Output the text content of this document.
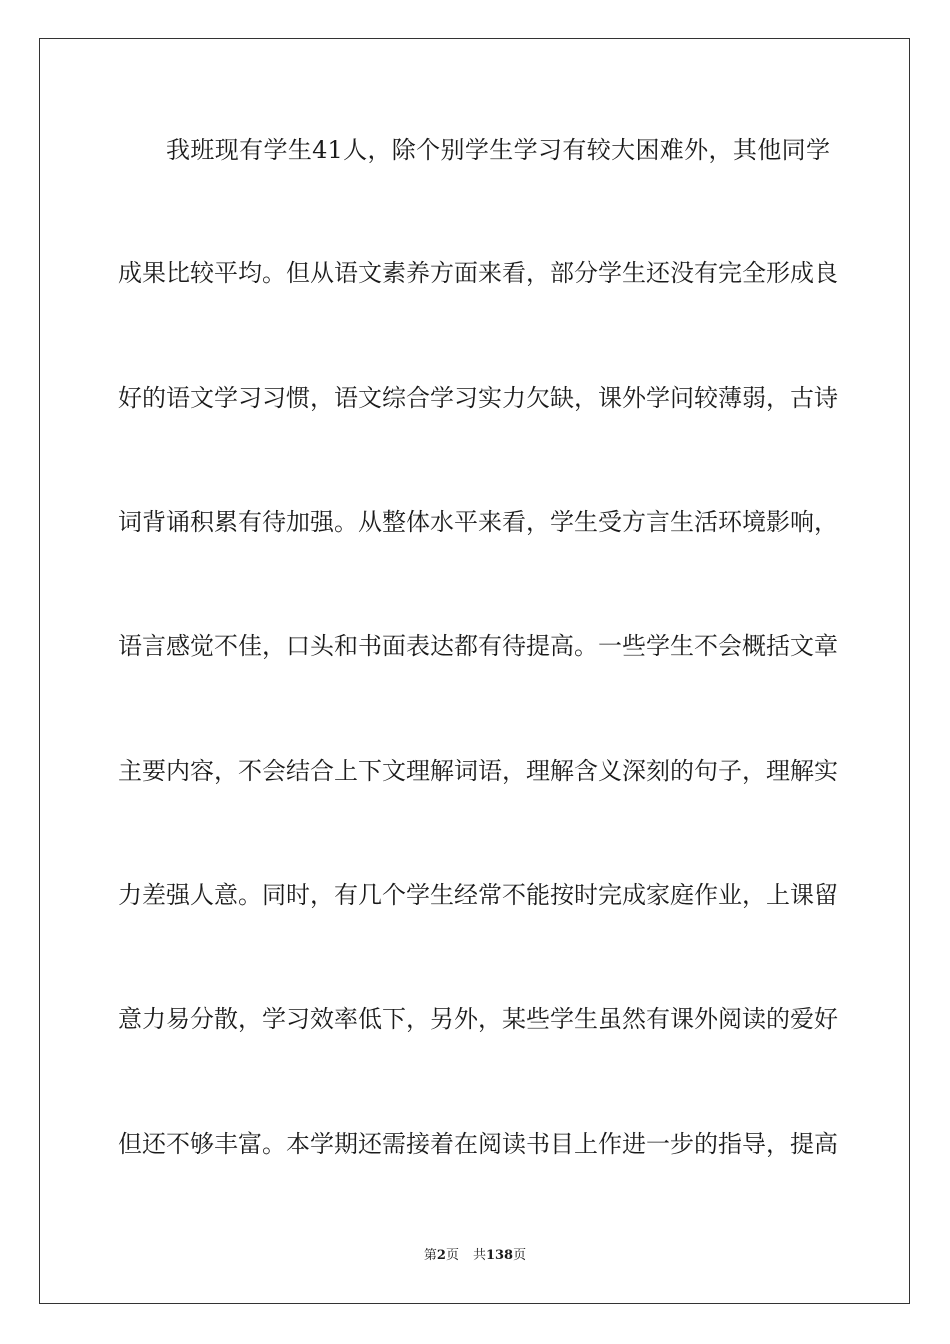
我班现有学生41人，除个别学生学习有较大困难外，其他同学
成果比较平均。但从语文素养方面来看，部分学生还没有完全形成良
好的语文学习习惯，语文综合学习实力欠缺，课外学问较薄弱，古诗
词背诵积累有待加强。从整体水平来看，学生受方言生活环境影响，
语言感觉不佳，口头和书面表达都有待提高。一些学生不会概括文章
主要内容，不会结合上下文理解词语，理解含义深刻的句子，理解实
力差强人意。同时，有几个学生经常不能按时完成家庭作业，上课留
意力易分散，学习效率低下，另外，某些学生虽然有课外阅读的爱好
但还不够丰富。本学期还需接着在阅读书目上作进一步的指导，提高
第2页 共138页
